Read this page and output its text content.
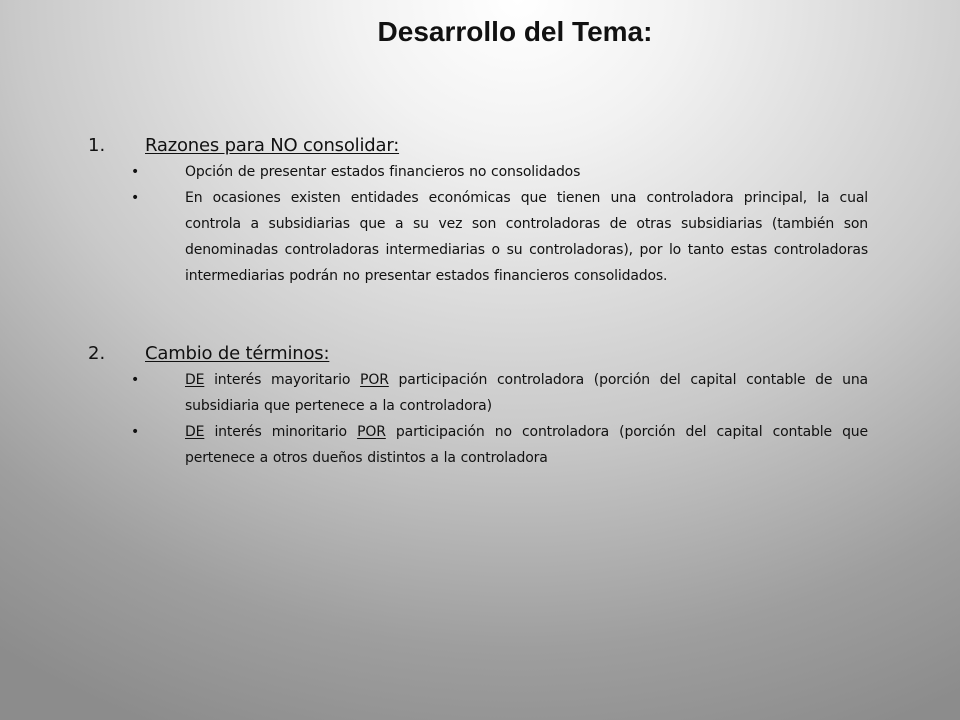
Desarrollo del Tema:
1.	Razones para NO consolidar:
•	Opción de presentar estados financieros no consolidados
•	En ocasiones existen entidades económicas que tienen una controladora principal, la cual controla a subsidiarias que a su vez son controladoras de otras subsidiarias (también son denominadas controladoras intermediarias o su controladoras), por lo tanto estas controladoras intermediarias podrán no presentar estados financieros consolidados.
2.	Cambio de términos:
•	DE interés mayoritario POR participación controladora (porción del capital contable de una subsidiaria que pertenece a la controladora)
•	DE interés minoritario POR participación no controladora (porción del capital contable que pertenece a otros dueños distintos a la controladora
